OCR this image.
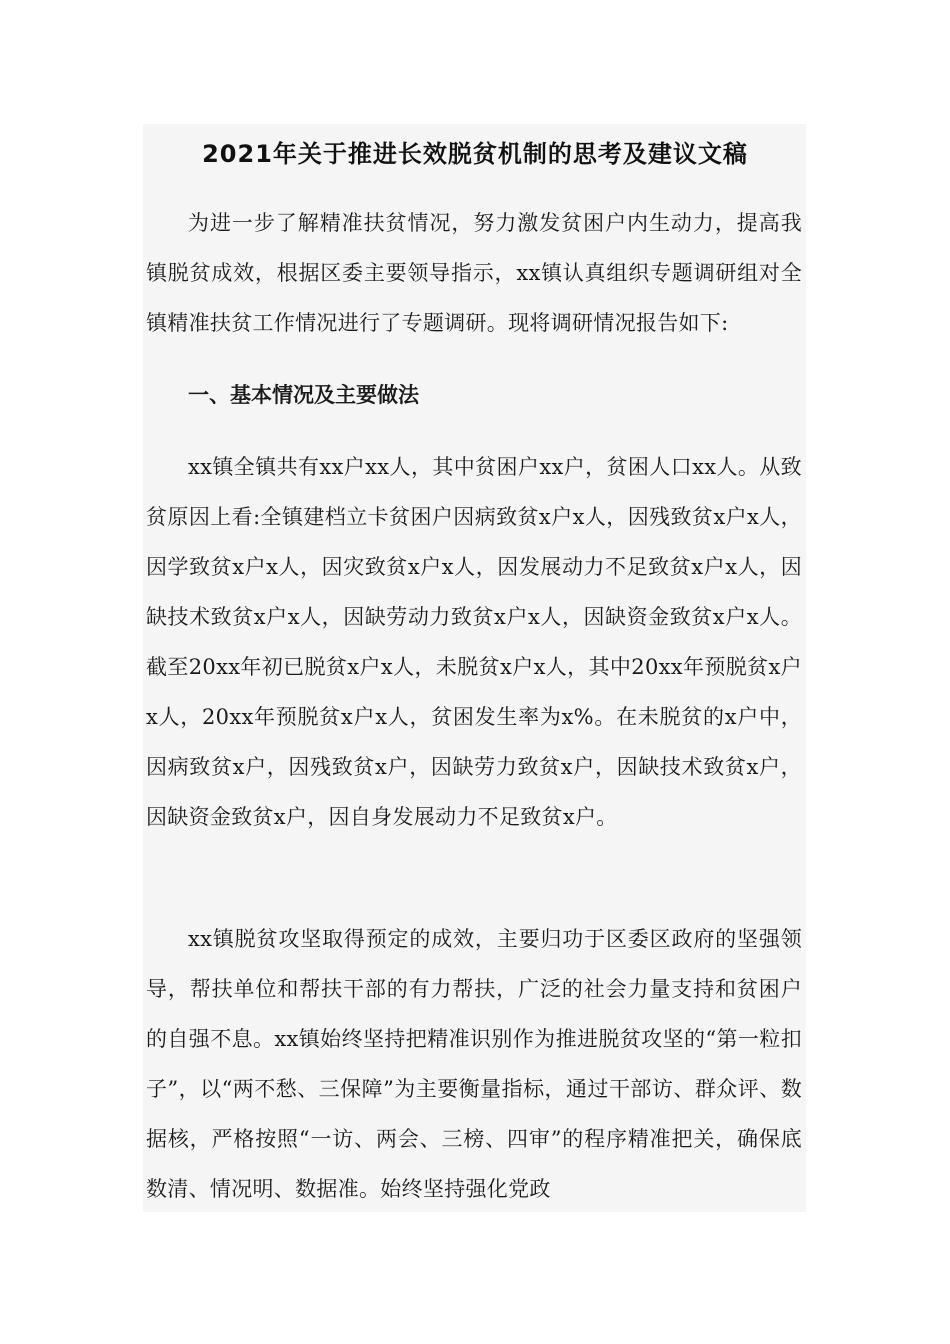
2021年关于推进长效脱贫机制的思考及建议文稿

为进一步了解精准扶贫情况，努力激发贫困户内生动力，提高我镇脱贫成效，根据区委主要领导指示，xx镇认真组织专题调研组对全镇精准扶贫工作情况进行了专题调研。现将调研情况报告如下:

一、基本情况及主要做法

xx镇全镇共有xx户xx人，其中贫困户xx户，贫困人口xx人。从致贫原因上看:全镇建档立卡贫困户因病致贫x户x人，因残致贫x户x人，因学致贫x户x人，因灾致贫x户x人，因发展动力不足致贫x户x人，因缺技术致贫x户x人，因缺劳动力致贫x户x人，因缺资金致贫x户x人。截至20xx年初已脱贫x户x人，未脱贫x户x人，其中20xx年预脱贫x户x人，20xx年预脱贫x户x人，贫困发生率为x%。在未脱贫的x户中，因病致贫x户，因残致贫x户，因缺劳力致贫x户，因缺技术致贫x户，因缺资金致贫x户，因自身发展动力不足致贫x户。

xx镇脱贫攻坚取得预定的成效，主要归功于区委区政府的坚强领导，帮扶单位和帮扶干部的有力帮扶，广泛的社会力量支持和贫困户的自强不息。xx镇始终坚持把精准识别作为推进脱贫攻坚的“第一粒扣子”，以“两不愁、三保障”为主要衡量指标，通过干部访、群众评、数据核，严格按照“一访、两会、三榜、四审”的程序精准把关，确保底数清、情况明、数据准。始终坚持强化党政
